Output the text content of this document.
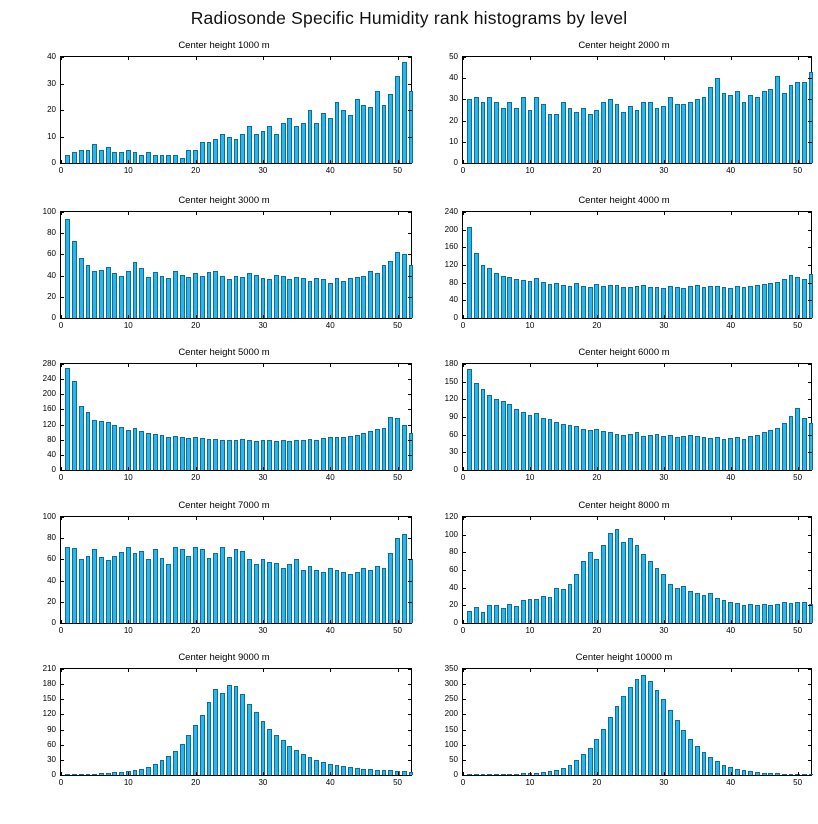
Radiosonde Specific Humidity rank histograms by level
Center height 1000 m
0
10
20
30
40
0	10	20	30	40	50
Center height 2000 m
0
10
20
30
40
50
0	10	20	30	40	50
Center height 3000 m
0
20
40
60
80
100
0	10	20	30	40	50
Center height 4000 m
0
40
80
120
160
200
240
0	10	20	30	40	50
Center height 5000 m
0
40
80
120
160
200
240
280
0	10	20	30	40	50
Center height 6000 m
0
30
60
90
120
150
180
0	10	20	30	40	50
Center height 7000 m
0
20
40
60
80
100
0	10	20	30	40	50
Center height 8000 m
0
20
40
60
80
100
120
0	10	20	30	40	50
Center height 9000 m
0
30
60
90
120
150
180
210
0	10	20	30	40	50
Center height 10000 m
0
50
100
150
200
250
300
350
0	10	20	30	40	50
